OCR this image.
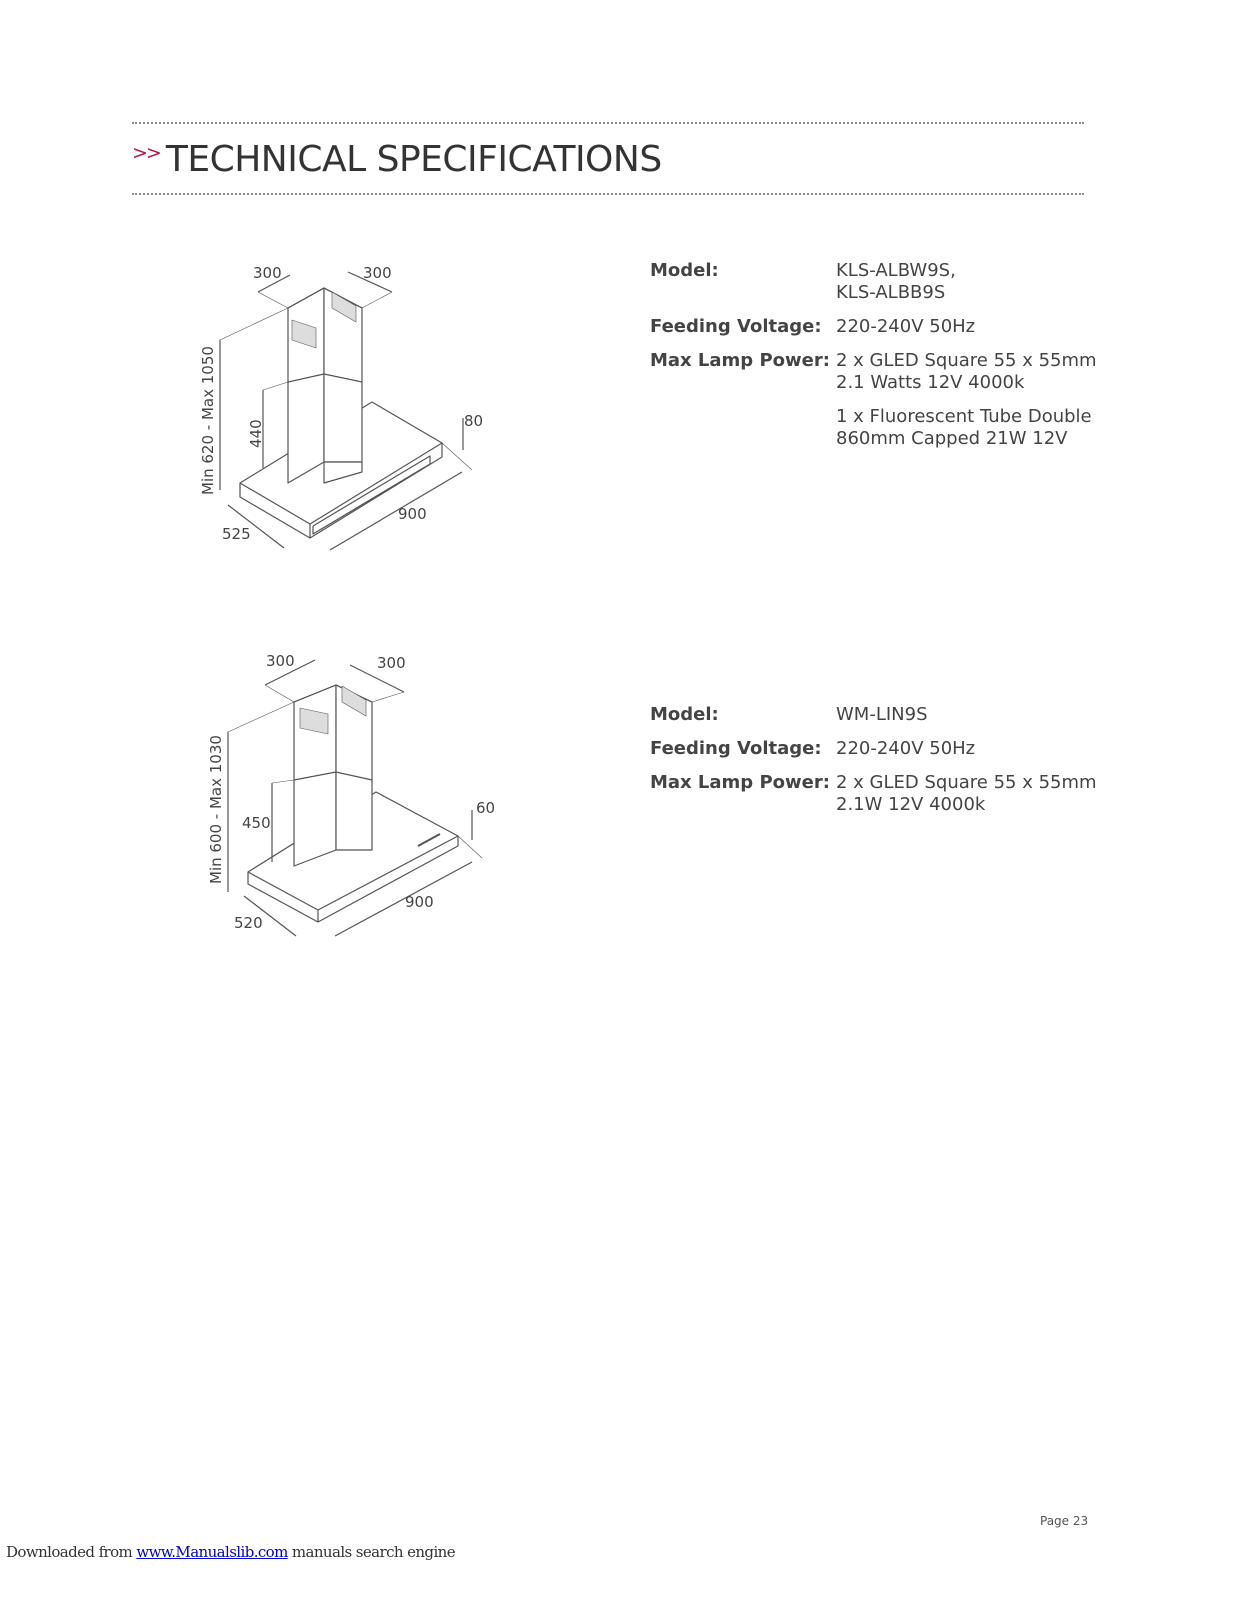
>> TECHNICAL SPECIFICATIONS
300	300
Min 620 - Max 1050 440	80
525
900
Model:	KLS-ALBW9S,
KLS-ALBB9S
Feeding Voltage: 220-240V 50Hz
Max Lamp Power: 2 x GLED Square 55 x 55mm
2.1 Watts 12V 4000k
1 x Fluorescent Tube Double
860mm Capped 21W 12V
300	300
Min 600 - Max 1030 450
60
520
900
Model:	WM-LIN9S
Feeding Voltage: 220-240V 50Hz
Max Lamp Power: 2 x GLED Square 55 x 55mm
2.1W 12V 4000k
Page 23
Downloaded from www.Manualslib.com manuals search engine
